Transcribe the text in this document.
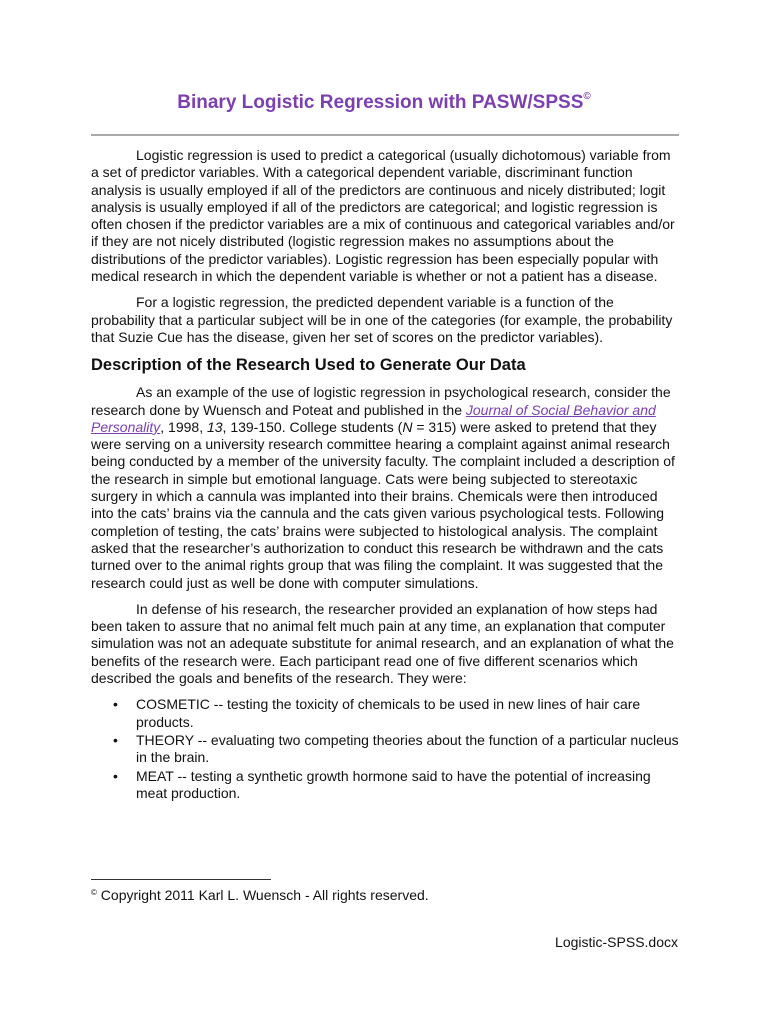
Binary Logistic Regression with PASW/SPSS©

Logistic regression is used to predict a categorical (usually dichotomous) variable from a set of predictor variables. With a categorical dependent variable, discriminant function analysis is usually employed if all of the predictors are continuous and nicely distributed; logit analysis is usually employed if all of the predictors are categorical; and logistic regression is often chosen if the predictor variables are a mix of continuous and categorical variables and/or if they are not nicely distributed (logistic regression makes no assumptions about the distributions of the predictor variables). Logistic regression has been especially popular with medical research in which the dependent variable is whether or not a patient has a disease.

For a logistic regression, the predicted dependent variable is a function of the probability that a particular subject will be in one of the categories (for example, the probability that Suzie Cue has the disease, given her set of scores on the predictor variables).

Description of the Research Used to Generate Our Data

As an example of the use of logistic regression in psychological research, consider the research done by Wuensch and Poteat and published in the Journal of Social Behavior and Personality, 1998, 13, 139-150. College students (N = 315) were asked to pretend that they were serving on a university research committee hearing a complaint against animal research being conducted by a member of the university faculty. The complaint included a description of the research in simple but emotional language. Cats were being subjected to stereotaxic surgery in which a cannula was implanted into their brains. Chemicals were then introduced into the cats’ brains via the cannula and the cats given various psychological tests. Following completion of testing, the cats’ brains were subjected to histological analysis. The complaint asked that the researcher’s authorization to conduct this research be withdrawn and the cats turned over to the animal rights group that was filing the complaint. It was suggested that the research could just as well be done with computer simulations.

In defense of his research, the researcher provided an explanation of how steps had been taken to assure that no animal felt much pain at any time, an explanation that computer simulation was not an adequate substitute for animal research, and an explanation of what the benefits of the research were. Each participant read one of five different scenarios which described the goals and benefits of the research. They were:

• COSMETIC -- testing the toxicity of chemicals to be used in new lines of hair care products.
• THEORY -- evaluating two competing theories about the function of a particular nucleus in the brain.
• MEAT -- testing a synthetic growth hormone said to have the potential of increasing meat production.
© Copyright 2011 Karl L. Wuensch - All rights reserved.
Logistic-SPSS.docx
